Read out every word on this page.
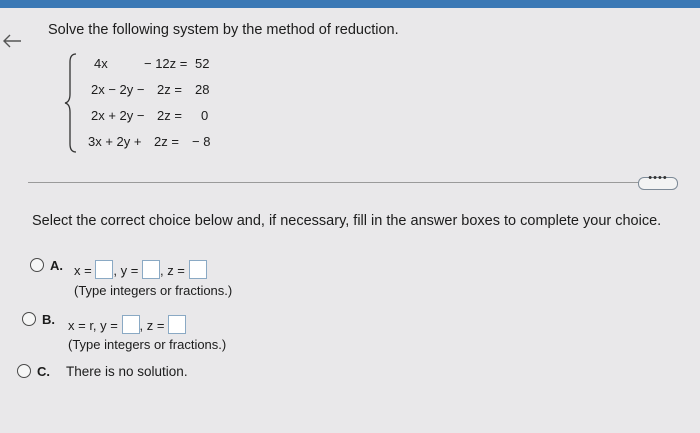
Solve the following system by the method of reduction.

4x

	− 12z =

52

2x − 2y −

2z =

28

2x + 2y −

2z =

0

3x + 2y +

2z =

− 8

••••
Select the correct choice below and, if necessary, fill in the answer boxes to complete your choice.
A. x = , y = , z =
(Type integers or fractions.)
B. x = r, y = , z =
(Type integers or fractions.)
C. There is no solution.
